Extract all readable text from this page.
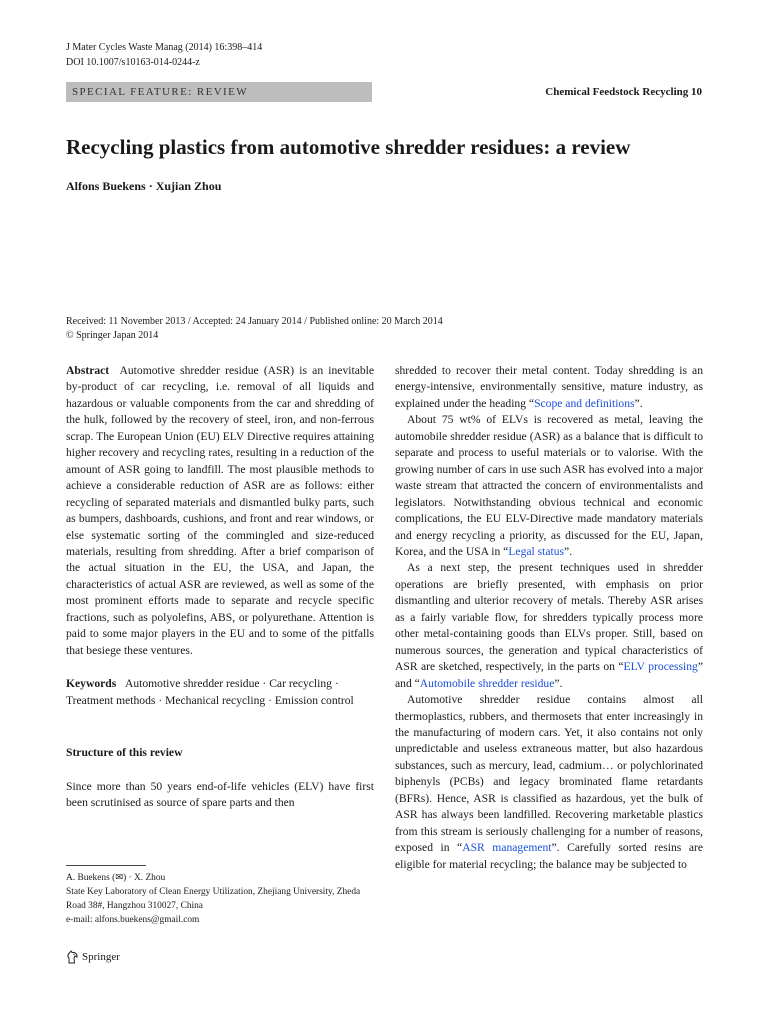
J Mater Cycles Waste Manag (2014) 16:398–414
DOI 10.1007/s10163-014-0244-z
SPECIAL FEATURE: REVIEW	Chemical Feedstock Recycling 10
Recycling plastics from automotive shredder residues: a review
Alfons Buekens · Xujian Zhou
Received: 11 November 2013 / Accepted: 24 January 2014 / Published online: 20 March 2014
© Springer Japan 2014

Abstract Automotive shredder residue (ASR) is an inevitable by-product of car recycling, i.e. removal of all liquids and hazardous or valuable components from the car and shredding of the hulk, followed by the recovery of steel, iron, and non-ferrous scrap. The European Union (EU) ELV Directive requires attaining higher recovery and recycling rates, resulting in a reduction of the amount of ASR going to landfill. The most plausible methods to achieve a considerable reduction of ASR are as follows: either recycling of separated materials and dismantled bulky parts, such as bumpers, dashboards, cushions, and front and rear windows, or else systematic sorting of the commingled and size-reduced materials, resulting from shredding. After a brief comparison of the actual situation in the EU, the USA, and Japan, the characteristics of actual ASR are reviewed, as well as some of the most prominent efforts made to separate and recycle specific fractions, such as polyolefins, ABS, or polyurethane. Attention is paid to some major players in the EU and to some of the pitfalls that besiege these ventures.

Keywords Automotive shredder residue · Car recycling · Treatment methods · Mechanical recycling · Emission control

Structure of this review

Since more than 50 years end-of-life vehicles (ELV) have first been scrutinised as source of spare parts and then

A. Buekens (✉) · X. Zhou
State Key Laboratory of Clean Energy Utilization, Zhejiang University, Zheda Road 38#, Hangzhou 310027, China
e-mail: alfons.buekens@gmail.com
Springer

shredded to recover their metal content. Today shredding is an energy-intensive, environmentally sensitive, mature industry, as explained under the heading “Scope and definitions”.

About 75 wt% of ELVs is recovered as metal, leaving the automobile shredder residue (ASR) as a balance that is difficult to separate and process to useful materials or to valorise. With the growing number of cars in use such ASR has evolved into a major waste stream that attracted the concern of environmentalists and legislators. Notwithstanding obvious technical and economic complications, the EU ELV-Directive made mandatory materials and energy recycling a priority, as discussed for the EU, Japan, Korea, and the USA in “Legal status”.

As a next step, the present techniques used in shredder operations are briefly presented, with emphasis on prior dismantling and ulterior recovery of metals. Thereby ASR arises as a fairly variable flow, for shredders typically process more other metal-containing goods than ELVs proper. Still, based on numerous sources, the generation and typical characteristics of ASR are sketched, respectively, in the parts on “ELV processing” and “Automobile shredder residue”.

Automotive shredder residue contains almost all thermoplastics, rubbers, and thermosets that enter increasingly in the manufacturing of modern cars. Yet, it also contains not only unpredictable and useless extraneous matter, but also hazardous substances, such as mercury, lead, cadmium… or polychlorinated biphenyls (PCBs) and legacy brominated flame retardants (BFRs). Hence, ASR is classified as hazardous, yet the bulk of ASR has always been landfilled. Recovering marketable plastics from this stream is seriously challenging for a number of reasons, exposed in “ASR management”. Carefully sorted resins are eligible for material recycling; the balance may be subjected to
